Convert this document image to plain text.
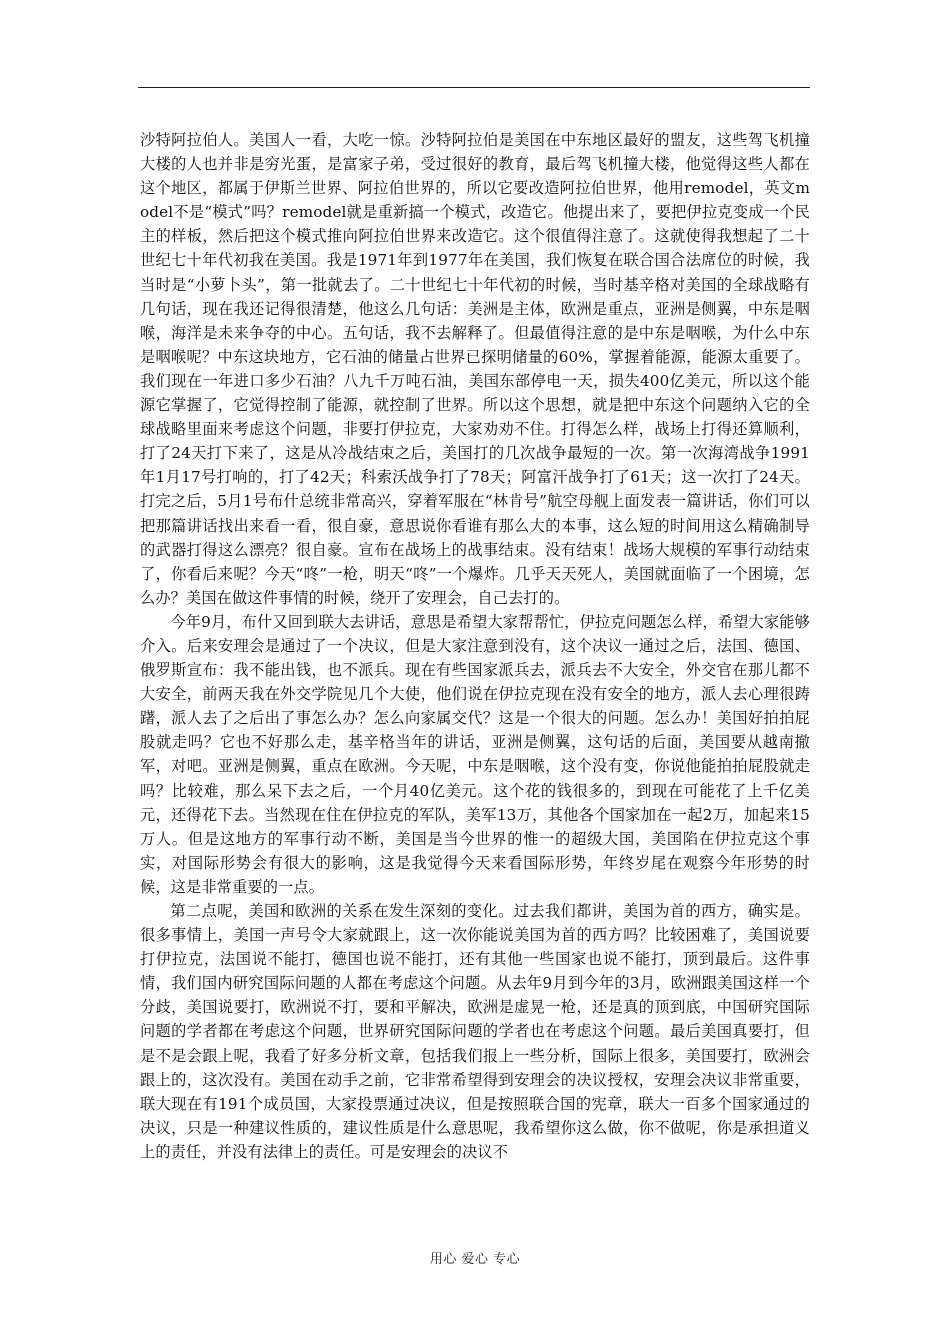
沙特阿拉伯人。美国人一看，大吃一惊。沙特阿拉伯是美国在中东地区最好的盟友，这些驾飞机撞大楼的人也并非是穷光蛋，是富家子弟，受过很好的教育，最后驾飞机撞大楼，他觉得这些人都在这个地区，都属于伊斯兰世界、阿拉伯世界的，所以它要改造阿拉伯世界，他用remodel，英文model不是“模式”吗？remodel就是重新搞一个模式，改造它。他提出来了，要把伊拉克变成一个民主的样板，然后把这个模式推向阿拉伯世界来改造它。这个很值得注意了。这就使得我想起了二十世纪七十年代初我在美国。我是1971年到1977年在美国，我们恢复在联合国合法席位的时候，我当时是“小萝卜头”，第一批就去了。二十世纪七十年代初的时候，当时基辛格对美国的全球战略有几句话，现在我还记得很清楚，他这么几句话：美洲是主体，欧洲是重点，亚洲是侧翼，中东是咽喉，海洋是未来争夺的中心。五句话，我不去解释了。但最值得注意的是中东是咽喉，为什么中东是咽喉呢？中东这块地方，它石油的储量占世界已探明储量的60%，掌握着能源，能源太重要了。我们现在一年进口多少石油？八九千万吨石油，美国东部停电一天，损失400亿美元，所以这个能源它掌握了，它觉得控制了能源，就控制了世界。所以这个思想，就是把中东这个问题纳入它的全球战略里面来考虑这个问题，非要打伊拉克，大家劝劝不住。打得怎么样，战场上打得还算顺利，打了24天打下来了，这是从冷战结束之后，美国打的几次战争最短的一次。第一次海湾战争1991年1月17号打响的，打了42天；科索沃战争打了78天；阿富汗战争打了61天；这一次打了24天。打完之后，5月1号布什总统非常高兴，穿着军服在“林肯号”航空母舰上面发表一篇讲话，你们可以把那篇讲话找出来看一看，很自豪，意思说你看谁有那么大的本事，这么短的时间用这么精确制导的武器打得这么漂亮？很自豪。宣布在战场上的战事结束。没有结束！战场大规模的军事行动结束了，你看后来呢？今天“咚”一枪，明天“咚”一个爆炸。几乎天天死人，美国就面临了一个困境，怎么办？美国在做这件事情的时候，绕开了安理会，自己去打的。

今年9月，布什又回到联大去讲话，意思是希望大家帮帮忙，伊拉克问题怎么样，希望大家能够介入。后来安理会是通过了一个决议，但是大家注意到没有，这个决议一通过之后，法国、德国、俄罗斯宣布：我不能出钱，也不派兵。现在有些国家派兵去，派兵去不大安全，外交官在那儿都不大安全，前两天我在外交学院见几个大使，他们说在伊拉克现在没有安全的地方，派人去心理很踌躇，派人去了之后出了事怎么办？怎么向家属交代？这是一个很大的问题。怎么办！美国好拍拍屁股就走吗？它也不好那么走，基辛格当年的讲话，亚洲是侧翼，这句话的后面，美国要从越南撤军，对吧。亚洲是侧翼，重点在欧洲。今天呢，中东是咽喉，这个没有变，你说他能拍拍屁股就走吗？比较难，那么呆下去之后，一个月40亿美元。这个花的钱很多的，到现在可能花了上千亿美元，还得花下去。当然现在住在伊拉克的军队，美军13万，其他各个国家加在一起2万，加起来15万人。但是这地方的军事行动不断，美国是当今世界的惟一的超级大国，美国陷在伊拉克这个事实，对国际形势会有很大的影响，这是我觉得今天来看国际形势，年终岁尾在观察今年形势的时候，这是非常重要的一点。

第二点呢，美国和欧洲的关系在发生深刻的变化。过去我们都讲，美国为首的西方，确实是。很多事情上，美国一声号令大家就跟上，这一次你能说美国为首的西方吗？比较困难了，美国说要打伊拉克，法国说不能打，德国也说不能打，还有其他一些国家也说不能打，顶到最后。这件事情，我们国内研究国际问题的人都在考虑这个问题。从去年9月到今年的3月，欧洲跟美国这样一个分歧，美国说要打，欧洲说不打，要和平解决，欧洲是虚晃一枪，还是真的顶到底，中国研究国际问题的学者都在考虑这个问题，世界研究国际问题的学者也在考虑这个问题。最后美国真要打，但是不是会跟上呢，我看了好多分析文章，包括我们报上一些分析，国际上很多，美国要打，欧洲会跟上的，这次没有。美国在动手之前，它非常希望得到安理会的决议授权，安理会决议非常重要，联大现在有191个成员国，大家投票通过决议，但是按照联合国的宪章，联大一百多个国家通过的决议，只是一种建议性质的，建议性质是什么意思呢，我希望你这么做，你不做呢，你是承担道义上的责任，并没有法律上的责任。可是安理会的决议不

用心 爱心 专心
